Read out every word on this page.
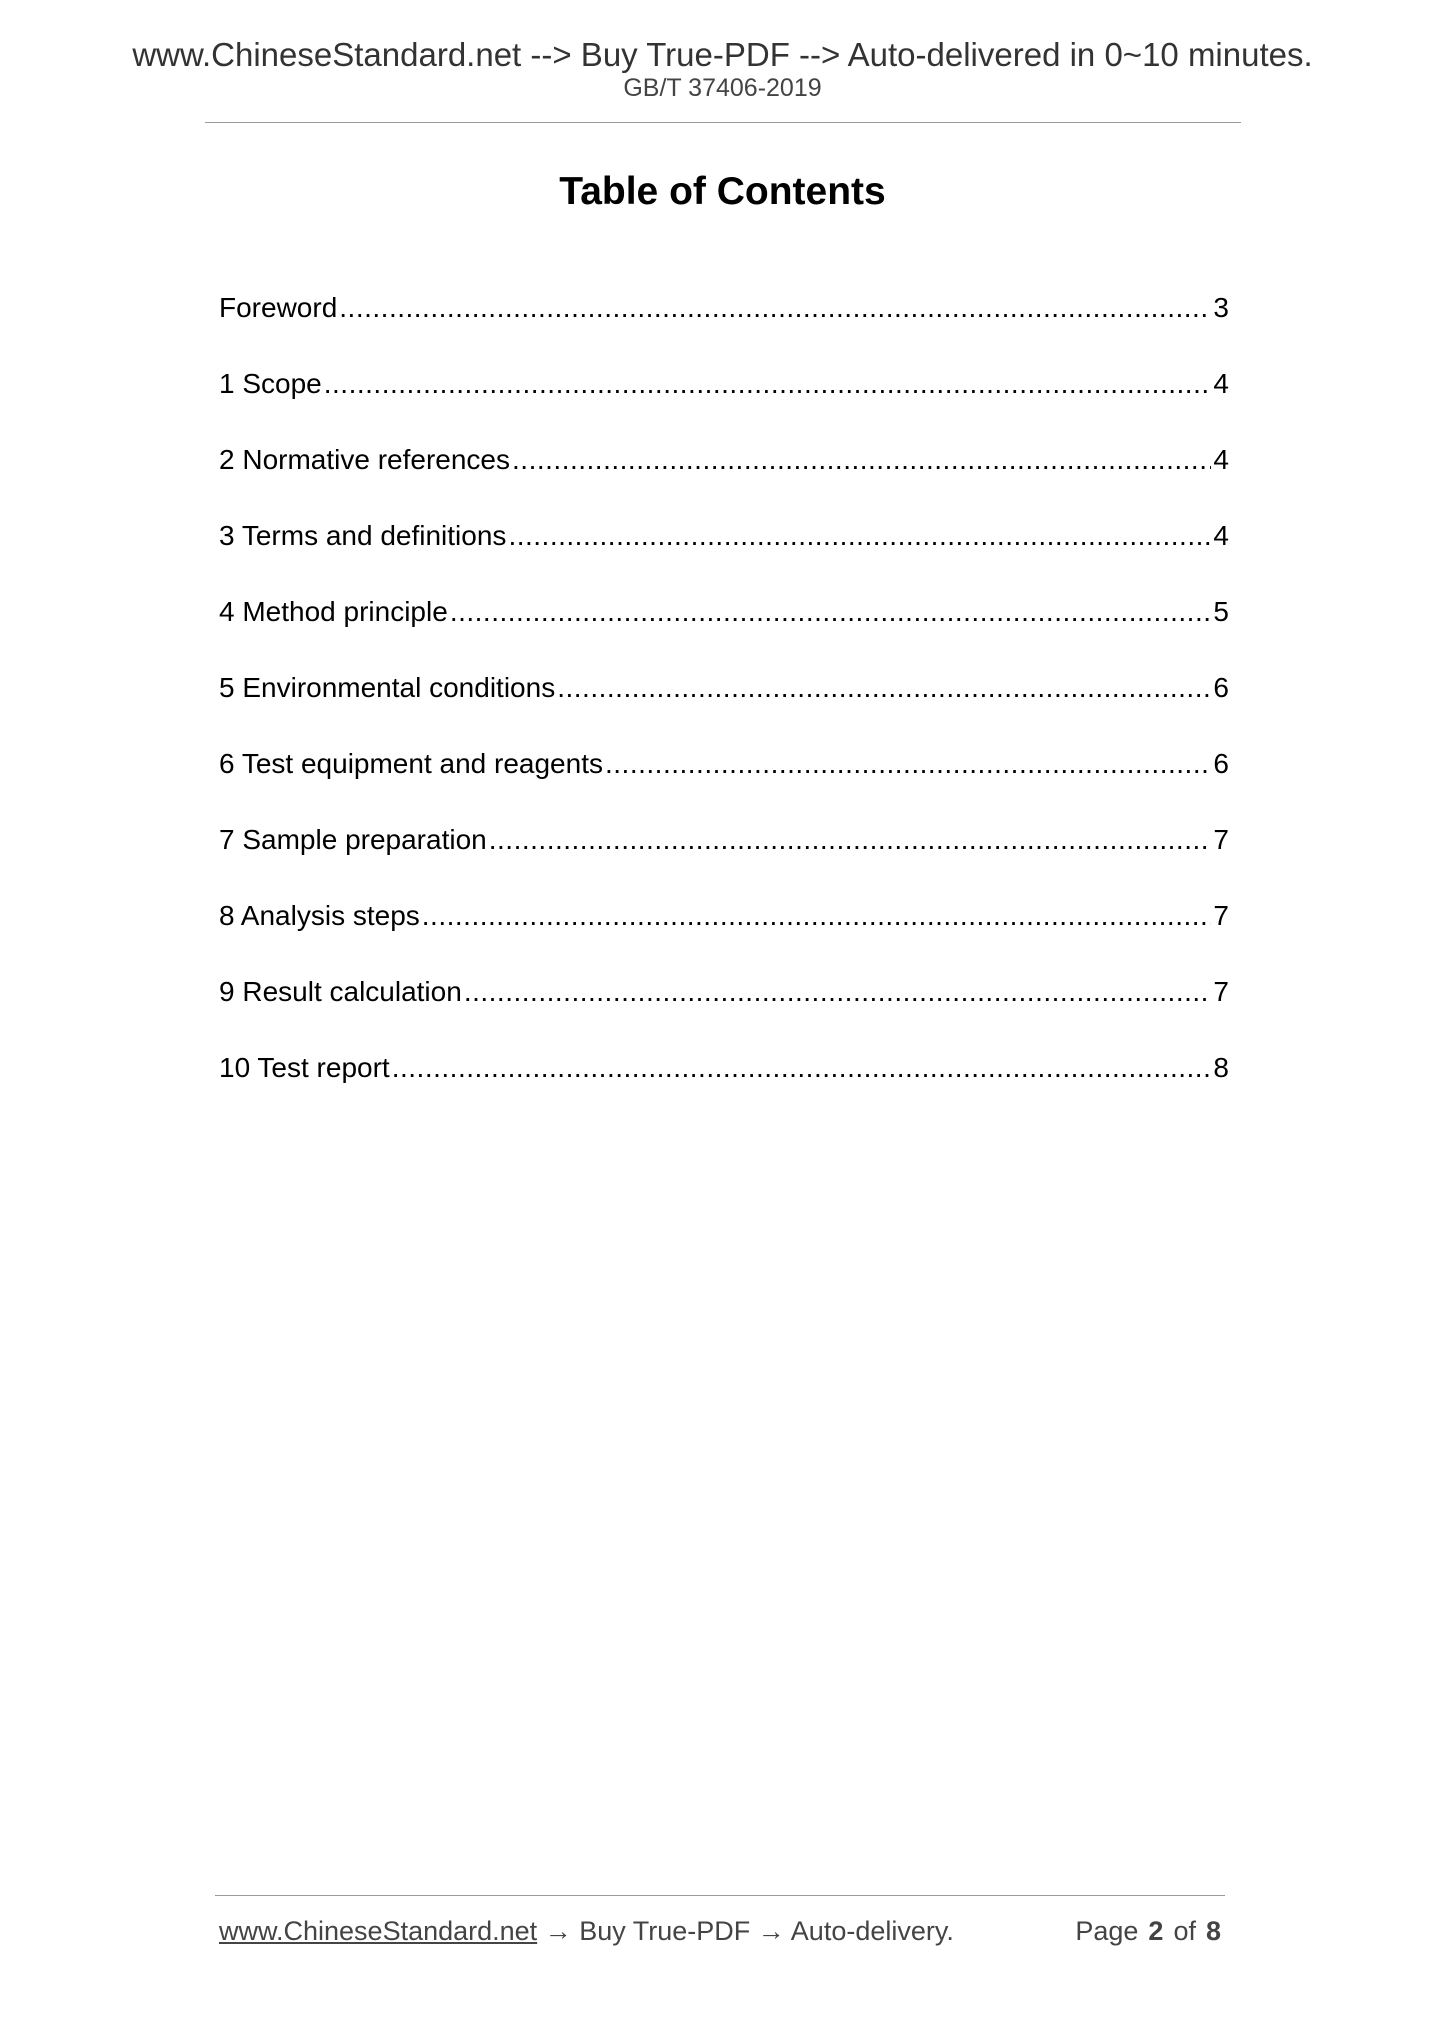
www.ChineseStandard.net --> Buy True-PDF --> Auto-delivered in 0~10 minutes.
GB/T 37406-2019
Table of Contents
Foreword .....	3
1 Scope .....	4
2 Normative references .....	4
3 Terms and definitions .....	4
4 Method principle .....	5
5 Environmental conditions .....	6
6 Test equipment and reagents .....	6
7 Sample preparation .....	7
8 Analysis steps .....	7
9 Result calculation .....	7
10 Test report .....	8
www.ChineseStandard.net → Buy True-PDF → Auto-delivery.	Page 2 of 8
